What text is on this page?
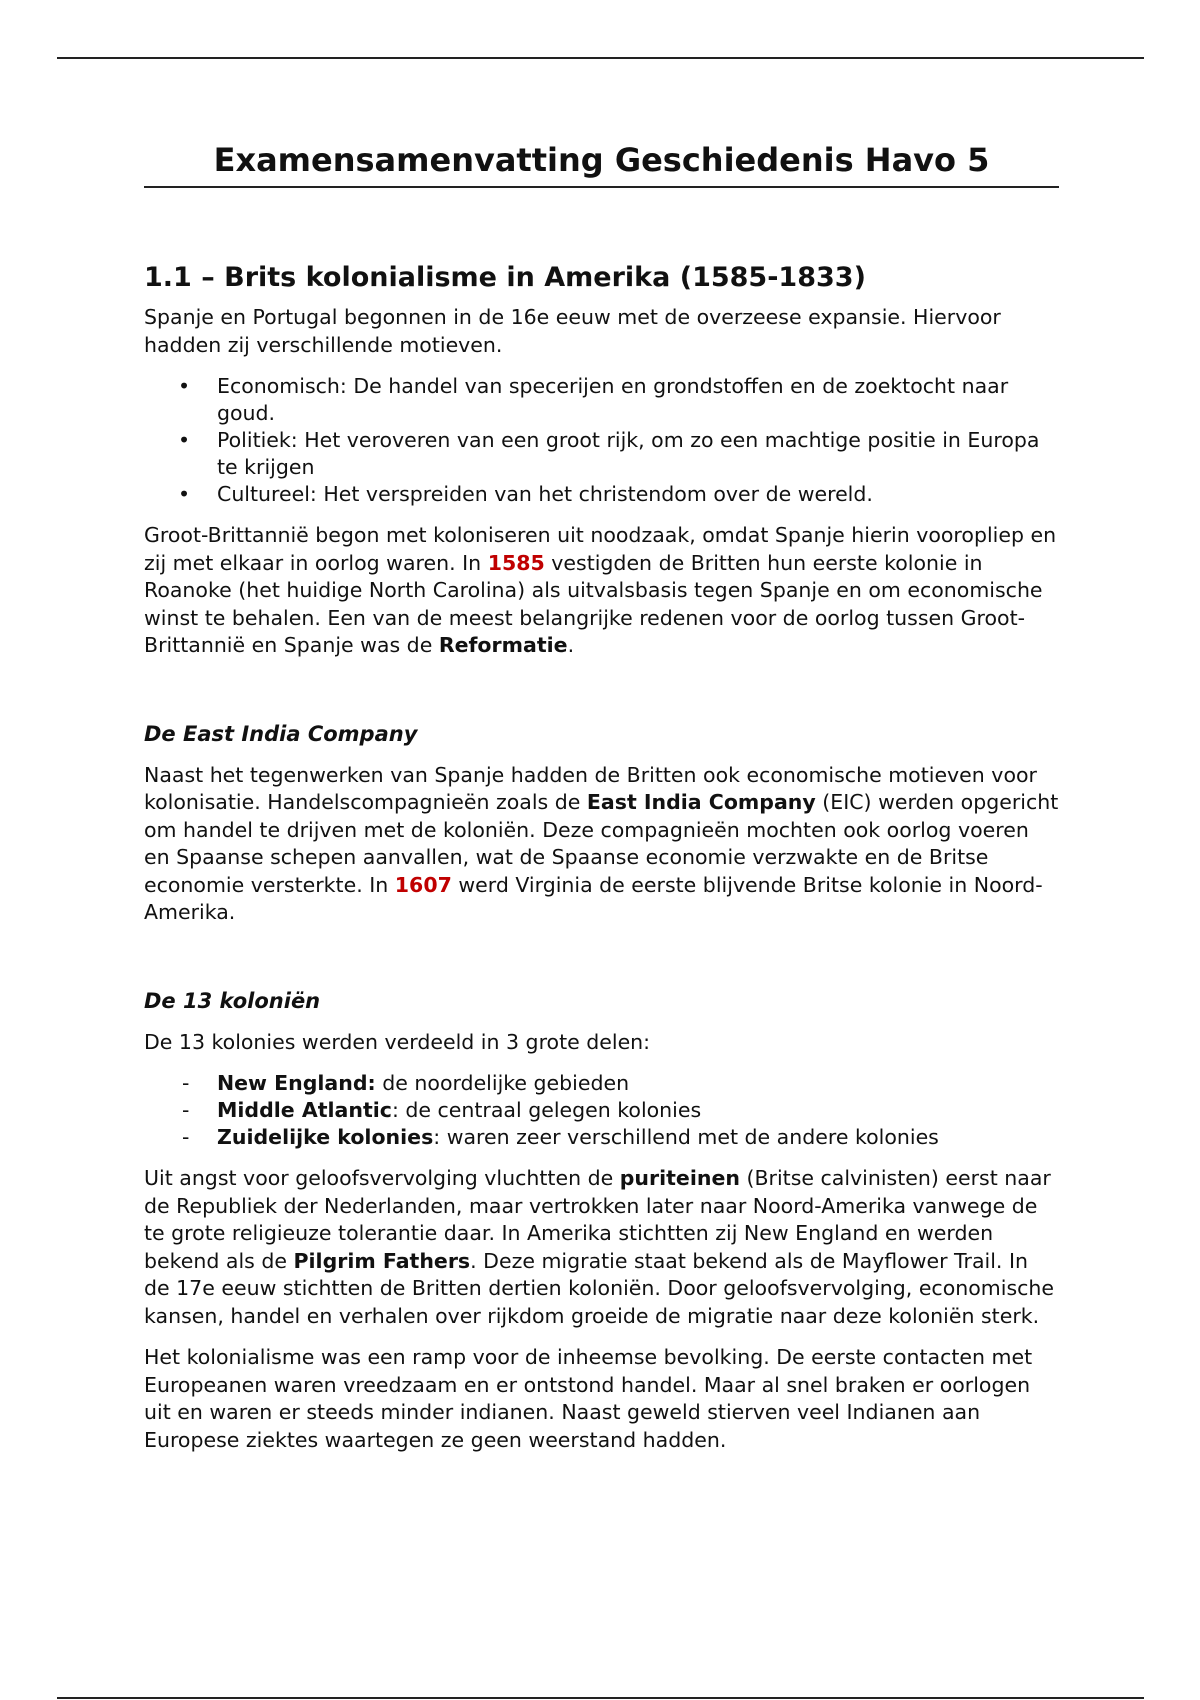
Examensamenvatting Geschiedenis Havo 5
1.1 – Brits kolonialisme in Amerika (1585-1833)

Spanje en Portugal begonnen in de 16e eeuw met de overzeese expansie. Hiervoor hadden zij verschillende motieven.

• Economisch: De handel van specerijen en grondstoffen en de zoektocht naar goud.
• Politiek: Het veroveren van een groot rijk, om zo een machtige positie in Europa te krijgen
• Cultureel: Het verspreiden van het christendom over de wereld.

Groot-Brittannië begon met koloniseren uit noodzaak, omdat Spanje hierin vooropliep en zij met elkaar in oorlog waren. In 1585 vestigden de Britten hun eerste kolonie in Roanoke (het huidige North Carolina) als uitvalsbasis tegen Spanje en om economische winst te behalen. Een van de meest belangrijke redenen voor de oorlog tussen Groot-Brittannië en Spanje was de Reformatie.

De East India Company

Naast het tegenwerken van Spanje hadden de Britten ook economische motieven voor kolonisatie. Handelscompagnieën zoals de East India Company (EIC) werden opgericht om handel te drijven met de koloniën. Deze compagnieën mochten ook oorlog voeren en Spaanse schepen aanvallen, wat de Spaanse economie verzwakte en de Britse economie versterkte. In 1607 werd Virginia de eerste blijvende Britse kolonie in Noord-Amerika.

De 13 koloniën

De 13 kolonies werden verdeeld in 3 grote delen:

- New England: de noordelijke gebieden
- Middle Atlantic: de centraal gelegen kolonies
- Zuidelijke kolonies: waren zeer verschillend met de andere kolonies

Uit angst voor geloofsvervolging vluchtten de puriteinen (Britse calvinisten) eerst naar de Republiek der Nederlanden, maar vertrokken later naar Noord-Amerika vanwege de te grote religieuze tolerantie daar. In Amerika stichtten zij New England en werden bekend als de Pilgrim Fathers. Deze migratie staat bekend als de Mayflower Trail. In de 17e eeuw stichtten de Britten dertien koloniën. Door geloofsvervolging, economische kansen, handel en verhalen over rijkdom groeide de migratie naar deze koloniën sterk.

Het kolonialisme was een ramp voor de inheemse bevolking. De eerste contacten met Europeanen waren vreedzaam en er ontstond handel. Maar al snel braken er oorlogen uit en waren er steeds minder indianen. Naast geweld stierven veel Indianen aan Europese ziektes waartegen ze geen weerstand hadden.
